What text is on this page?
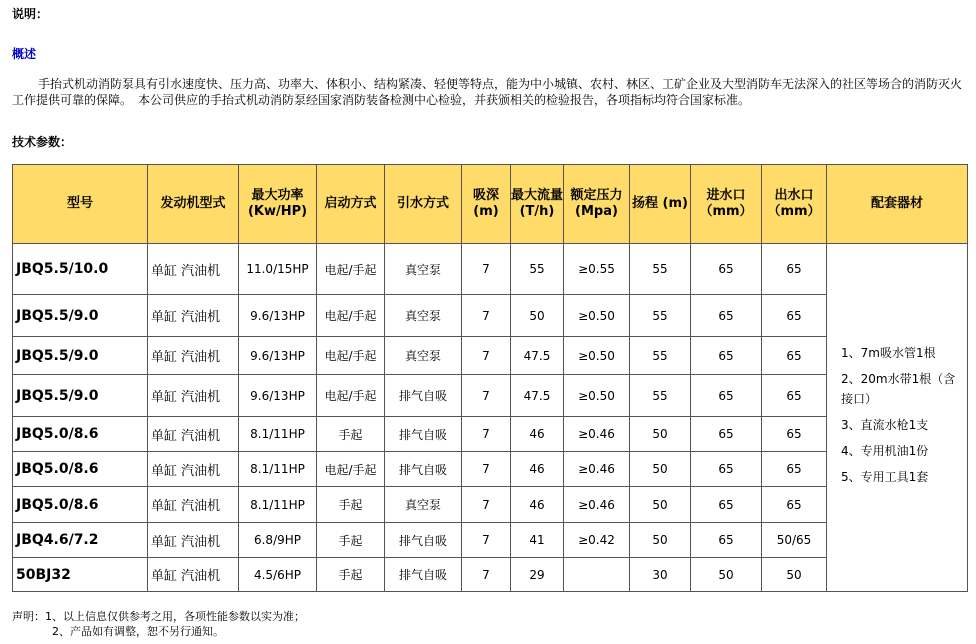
说明：
概述
手抬式机动消防泵具有引水速度快、压力高、功率大、体积小、结构紧凑、轻便等特点，能为中小城镇、农村、林区、工矿企业及大型消防车无法深入的社区等场合的消防灭火工作提供可靠的保障。　本公司供应的手抬式机动消防泵经国家消防装备检测中心检验，并获颁相关的检验报告，各项指标均符合国家标准。
技术参数：
型号	发动机型式	最大功率(Kw/HP)	启动方式	引水方式	吸深(m)	最大流量(T/h)	额定压力(Mpa)	扬程 (m)	进水口（mm）	出水口（mm）	配套器材
JBQ5.5/10.0	单缸 汽油机	11.0/15HP	电起/手起	真空泵	7	55	≥0.55	55	65	65	1、7m吸水管1根
2、20m水带1根（含接口）
3、直流水枪1支
4、专用机油1份
5、专用工具1套

JBQ5.5/9.0	单缸 汽油机	9.6/13HP	电起/手起	真空泵	7	50	≥0.50	55	65	65	
JBQ5.5/9.0	单缸 汽油机	9.6/13HP	电起/手起	真空泵	7	47.5	≥0.50	55	65	65	
JBQ5.5/9.0	单缸 汽油机	9.6/13HP	电起/手起	排气自吸	7	47.5	≥0.50	55	65	65	
JBQ5.0/8.6	单缸 汽油机	8.1/11HP	手起	排气自吸	7	46	≥0.46	50	65	65	
JBQ5.0/8.6	单缸 汽油机	8.1/11HP	电起/手起	排气自吸	7	46	≥0.46	50	65	65	
JBQ5.0/8.6	单缸 汽油机	8.1/11HP	手起	真空泵	7	46	≥0.46	50	65	65	
JBQ4.6/7.2	单缸 汽油机	6.8/9HP	手起	排气自吸	7	41	≥0.42	50	65	50/65	
50BJ32	单缸 汽油机	4.5/6HP	手起	排气自吸	7	29		30	50	50	
声明：1、以上信息仅供参考之用，各项性能参数以实为准；
2、产品如有调整，恕不另行通知。
